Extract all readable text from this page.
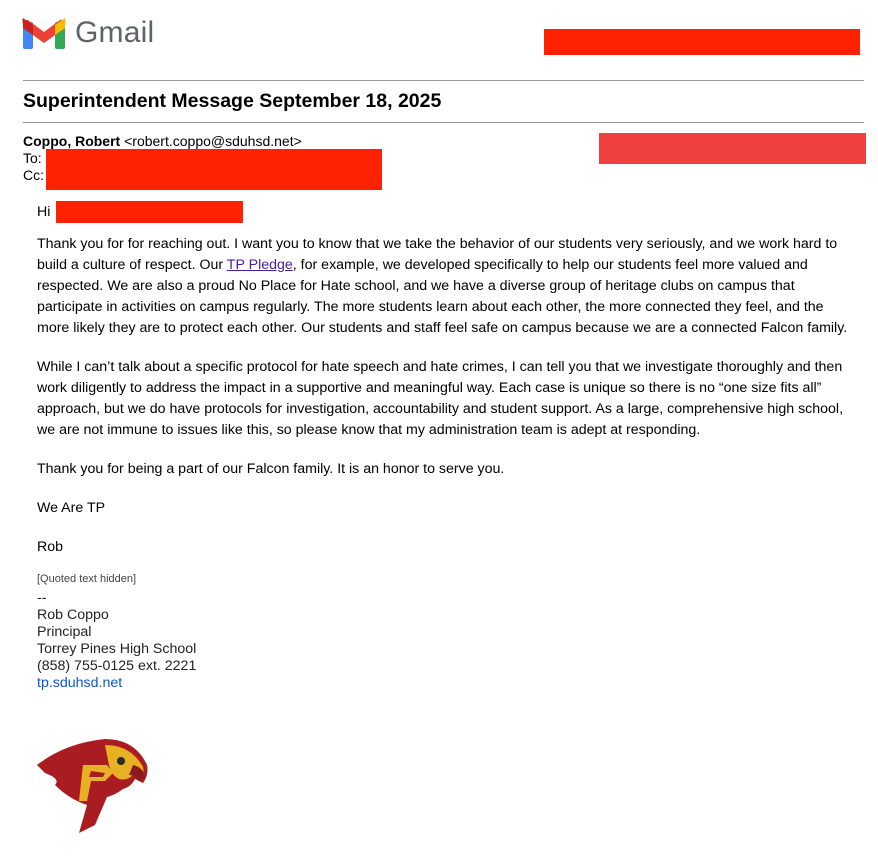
Gmail
Superintendent Message September 18, 2025
Coppo, Robert <robert.coppo@sduhsd.net>
To:
Cc:

Hi

Thank you for for reaching out. I want you to know that we take the behavior of our students very seriously, and we work hard to build a culture of respect. Our TP Pledge, for example, we developed specifically to help our students feel more valued and respected. We are also a proud No Place for Hate school, and we have a diverse group of heritage clubs on campus that participate in activities on campus regularly. The more students learn about each other, the more connected they feel, and the more likely they are to protect each other. Our students and staff feel safe on campus because we are a connected Falcon family.

While I can’t talk about a specific protocol for hate speech and hate crimes, I can tell you that we investigate thoroughly and then work diligently to address the impact in a supportive and meaningful way. Each case is unique so there is no “one size fits all” approach, but we do have protocols for investigation, accountability and student support. As a large, comprehensive high school, we are not immune to issues like this, so please know that my administration team is adept at responding.

Thank you for being a part of our Falcon family. It is an honor to serve you.

We Are TP

Rob

[Quoted text hidden]

--
Rob Coppo
Principal
Torrey Pines High School
(858) 755-0125 ext. 2221
tp.sduhsd.net
